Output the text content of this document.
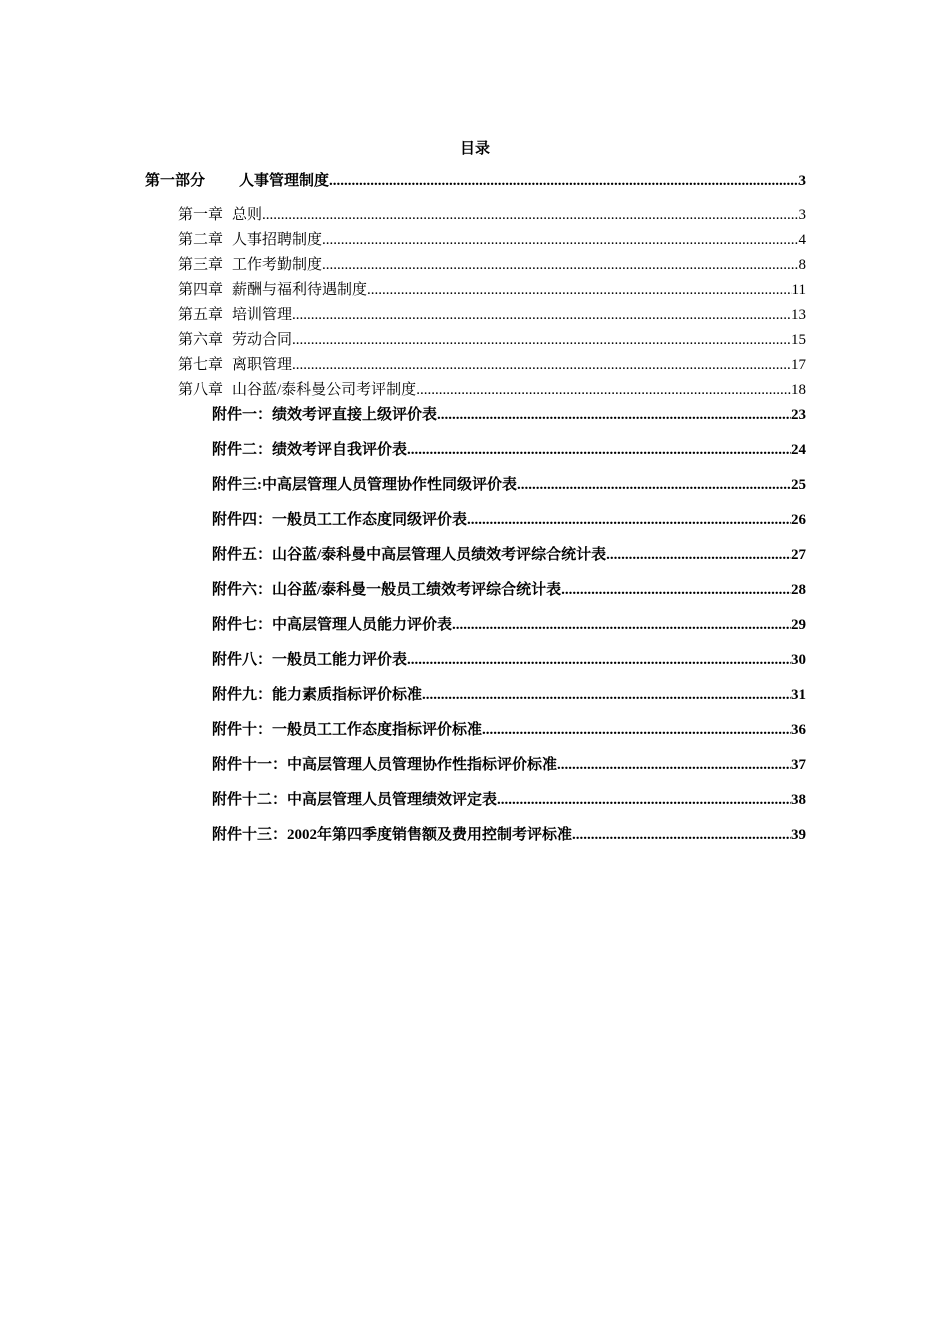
目录
第一部分 人事管理制度 .....	3
第一章 总则 .....	3
第二章 人事招聘制度 .....	4
第三章 工作考勤制度 .....	8
第四章 薪酬与福利待遇制度 .....	11
第五章 培训管理 .....	13
第六章 劳动合同 .....	15
第七章 离职管理 .....	17
第八章 山谷蓝/泰科曼公司考评制度 .....	18
附件一：绩效考评直接上级评价表 .....	23
附件二：绩效考评自我评价表 .....	24
附件三:中高层管理人员管理协作性同级评价表 .....	25
附件四：一般员工工作态度同级评价表 .....	26
附件五：山谷蓝/泰科曼中高层管理人员绩效考评综合统计表 .....	27
附件六：山谷蓝/泰科曼一般员工绩效考评综合统计表 .....	28
附件七：中高层管理人员能力评价表 .....	29
附件八：一般员工能力评价表 .....	30
附件九：能力素质指标评价标准 .....	31
附件十：一般员工工作态度指标评价标准 .....	36
附件十一：中高层管理人员管理协作性指标评价标准 .....	37
附件十二：中高层管理人员管理绩效评定表 .....	38
附件十三：2002年第四季度销售额及费用控制考评标准 .....	39
